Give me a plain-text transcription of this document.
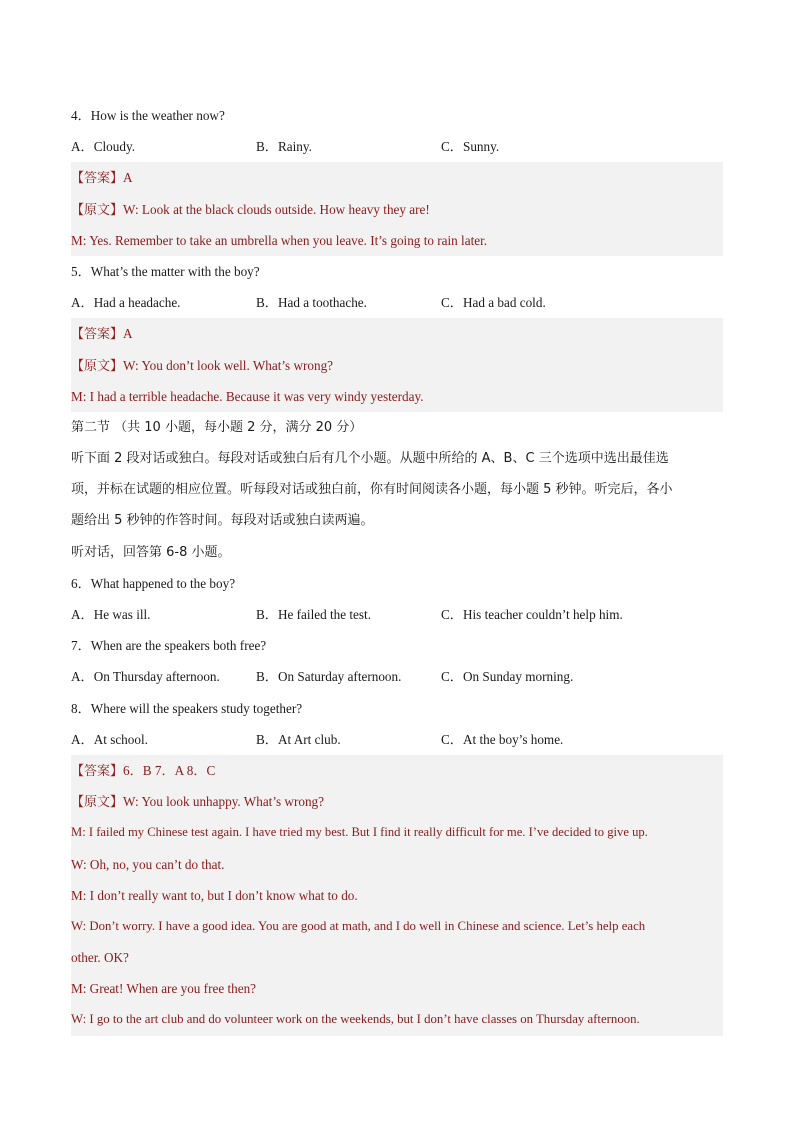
4．How is the weather now?
A．Cloudy.	B．Rainy.	C．Sunny.
【答案】A
【原文】W: Look at the black clouds outside. How heavy they are!
M: Yes. Remember to take an umbrella when you leave. It’s going to rain later.
5．What’s the matter with the boy?
A．Had a headache.	B．Had a toothache.	C．Had a bad cold.
【答案】A
【原文】W: You don’t look well. What’s wrong?
M: I had a terrible headache. Because it was very windy yesterday.
第二节 （共 10 小题，每小题 2 分，满分 20 分）
听下面 2 段对话或独白。每段对话或独白后有几个小题。从题中所给的 A、B、C 三个选项中选出最佳选
项，并标在试题的相应位置。听每段对话或独白前，你有时间阅读各小题，每小题 5 秒钟。听完后，各小
题给出 5 秒钟的作答时间。每段对话或独白读两遍。
听对话，回答第 6-8 小题。
6．What happened to the boy?
A．He was ill.	B．He failed the test.	C．His teacher couldn’t help him.
7．When are the speakers both free?
A．On Thursday afternoon.	B．On Saturday afternoon.	C．On Sunday morning.
8．Where will the speakers study together?
A．At school.	B．At Art club.	C．At the boy’s home.
【答案】6．B 7．A 8．C
【原文】W: You look unhappy. What’s wrong?
M: I failed my Chinese test again. I have tried my best. But I find it really difficult for me. I’ve decided to give up.
W: Oh, no, you can’t do that.
M: I don’t really want to, but I don’t know what to do.
W: Don’t worry. I have a good idea. You are good at math, and I do well in Chinese and science. Let’s help each
other. OK?
M: Great! When are you free then?
W: I go to the art club and do volunteer work on the weekends, but I don’t have classes on Thursday afternoon.
